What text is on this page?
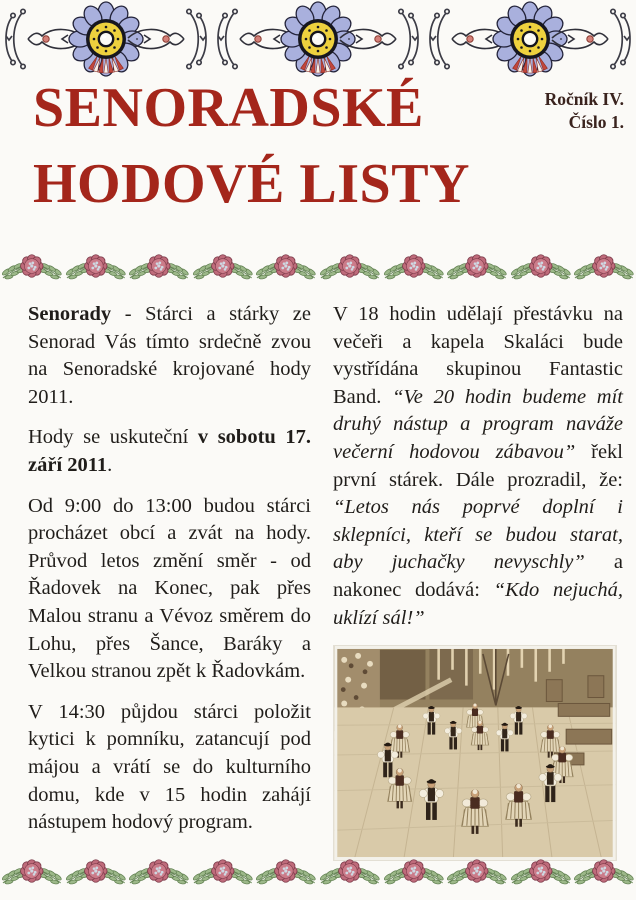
SENORADSKÉ
HODOVÉ LISTY
Ročník IV.
Číslo 1.

Senorady - Stárci a stárky ze Senorad Vás tímto srdečně zvou na Senoradské krojované hody 2011.

Hody se uskuteční v sobotu 17. září 2011.

Od 9:00 do 13:00 budou stárci procházet obcí a zvát na hody. Průvod letos změní směr - od Řadovek na Konec, pak přes Malou stranu a Vévoz směrem do Lohu, přes Šance, Baráky a Velkou stranou zpět k Řadovkám.

V 14:30 půjdou stárci položit kytici k pomníku, zatancují pod májou a vrátí se do kulturního domu, kde v 15 hodin zahájí nástupem hodový program.

V 18 hodin udělají přestávku na večeři a kapela Skaláci bude vystřídána skupinou Fantastic Band. “Ve 20 hodin budeme mít druhý nástup a program naváže večerní hodovou zábavou” řekl první stárek. Dále prozradil, že: “Letos nás poprvé doplní i sklepníci, kteří se budou starat, aby juchačky nevyschly” a nakonec dodává: “Kdo nejuchá, uklízí sál!”
